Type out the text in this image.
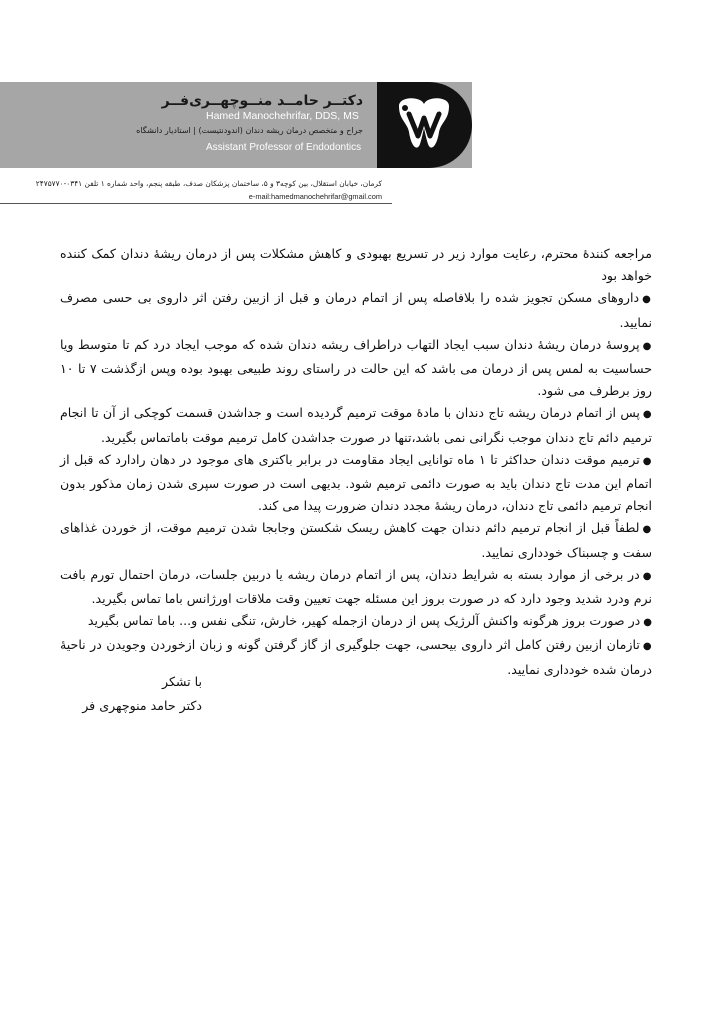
دکتــر حامــد منــوچهــری‌فــر
Hamed Manochehrifar, DDS, MS
جراح و متخصص درمان ریشه دندان (اندودنتیست) | استادیار دانشگاه
Assistant Professor of Endodontics
کرمان، خیابان استقلال، بین کوچه۳ و ۵، ساختمان پزشکان صدف، طبقه پنجم، واحد شماره ۱ تلفن ۰۳۴۱-۲۴۷۵۷۷۰
e-mail:hamedmanochehrifar@gmail.com

مراجعه کنندهٔ محترم، رعایت موارد زیر در تسریع بهبودی و کاهش مشکلات پس از درمان ریشهٔ دندان کمک کننده خواهد بود

●داروهای مسکن تجویز شده را بلافاصله پس از اتمام درمان و قبل از ازبین رفتن اثر داروی بی حسی مصرف نمایید.

●پروسهٔ درمان ریشهٔ دندان سبب ایجاد التهاب دراطراف ریشه دندان شده که موجب ایجاد درد کم تا متوسط ویا حساسیت به لمس پس از درمان می باشد که این حالت در راستای روند طبیعی بهبود بوده وپس ازگذشت ۷ تا ۱۰ روز برطرف می شود.

●پس از اتمام درمان ریشه تاج دندان با مادهٔ موقت ترمیم گردیده است و جداشدن قسمت کوچکی از آن تا انجام ترمیم دائم تاج دندان موجب نگرانی نمی باشد،تنها در صورت جداشدن کامل ترمیم موقت باماتماس بگیرید.

●ترمیم موقت دندان حداکثر تا ۱ ماه توانایی ایجاد مقاومت در برابر باکتری های موجود در دهان رادارد که قبل از اتمام این مدت تاج دندان باید به صورت دائمی ترمیم شود. بدیهی است در صورت سپری شدن زمان مذکور بدون انجام ترمیم دائمی تاج دندان، درمان ریشهٔ مجدد دندان ضرورت پیدا می کند.

●لطفاً قبل از انجام ترمیم دائم دندان جهت کاهش ریسک شکستن وجابجا شدن ترمیم موقت، از خوردن غذاهای سفت و چسبناک خودداری نمایید.

●در برخی از موارد بسته به شرایط دندان، پس از اتمام درمان ریشه یا دربین جلسات، درمان احتمال تورم بافت نرم ودرد شدید وجود دارد که در صورت بروز این مسئله جهت تعیین وقت ملاقات اورژانس باما تماس بگیرید.

●در صورت بروز هرگونه واکنش آلرژیک پس از درمان ازجمله کهیر، خارش، تنگی نفس و... باما تماس بگیرید

●تازمان ازبین رفتن کامل اثر داروی بیحسی، جهت جلوگیری از گاز گرفتن گونه و زبان ازخوردن وجویدن در ناحیهٔ درمان شده خودداری نمایید.

با تشکر
دکتر حامد منوچهری فر
